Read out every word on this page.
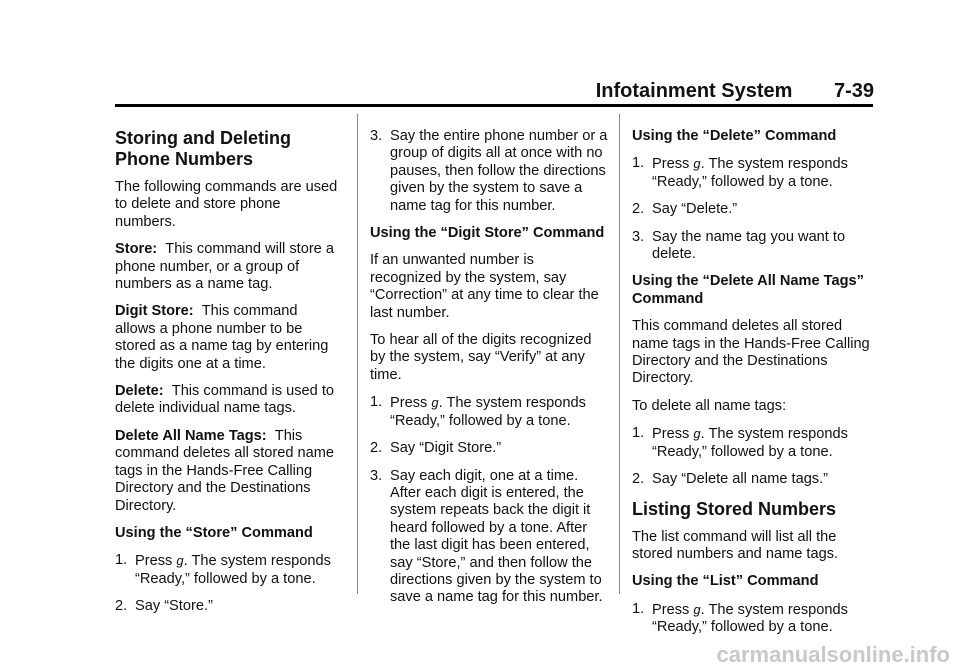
Infotainment System 7-39
Storing and Deleting Phone Numbers

The following commands are used to delete and store phone numbers.

Store: This command will store a phone number, or a group of numbers as a name tag.

Digit Store: This command allows a phone number to be stored as a name tag by entering the digits one at a time.

Delete: This command is used to delete individual name tags.

Delete All Name Tags: This command deletes all stored name tags in the Hands-Free Calling Directory and the Destinations Directory.

Using the “Store” Command

1. Press g. The system responds “Ready,” followed by a tone.
2. Say “Store.”
3. Say the entire phone number or a group of digits all at once with no pauses, then follow the directions given by the system to save a name tag for this number.

Using the “Digit Store” Command

If an unwanted number is recognized by the system, say “Correction” at any time to clear the last number.

To hear all of the digits recognized by the system, say “Verify” at any time.

1. Press g. The system responds “Ready,” followed by a tone.
2. Say “Digit Store.”
3. Say each digit, one at a time. After each digit is entered, the system repeats back the digit it heard followed by a tone. After the last digit has been entered, say “Store,” and then follow the directions given by the system to save a name tag for this number.

Using the “Delete” Command

1. Press g. The system responds “Ready,” followed by a tone.
2. Say “Delete.”
3. Say the name tag you want to delete.

Using the “Delete All Name Tags” Command

This command deletes all stored name tags in the Hands-Free Calling Directory and the Destinations Directory.

To delete all name tags:

1. Press g. The system responds “Ready,” followed by a tone.
2. Say “Delete all name tags.”
Listing Stored Numbers

The list command will list all the stored numbers and name tags.

Using the “List” Command

1. Press g. The system responds “Ready,” followed by a tone.
carmanualsonline.info
